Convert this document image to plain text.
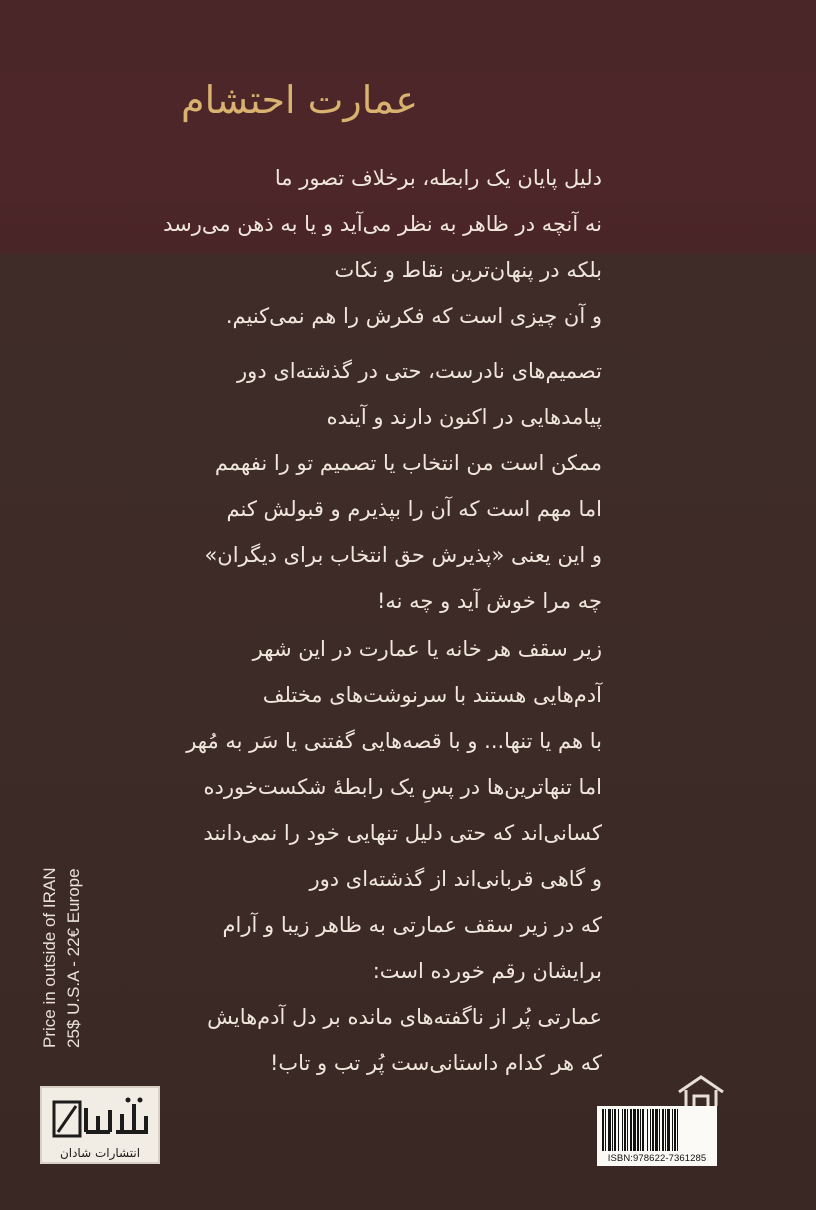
عمارت احتشام
دلیل پایان یک رابطه، برخلاف تصور ما
نه آنچه در ظاهر به نظر می‌آید و یا به ذهن می‌رسد
بلکه در پنهان‌ترین نقاط و نکات
و آن چیزی است که فکرش را هم نمی‌کنیم.
تصمیم‌های نادرست، حتی در گذشته‌ای دور
پیامدهایی در اکنون دارند و آینده
ممکن است من انتخاب یا تصمیم تو را نفهمم
اما مهم است که آن را بپذیرم و قبولش کنم
و این یعنی «پذیرش حق انتخاب برای دیگران»
چه مرا خوش آید و چه نه!
زیر سقف هر خانه یا عمارت در این شهر
آدم‌هایی هستند با سرنوشت‌های مختلف
با هم یا تنها... و با قصه‌هایی گفتنی یا سَر به مُهر
اما تنهاترین‌ها در پسِ یک رابطهٔ شکست‌خورده
کسانی‌اند که حتی دلیل تنهایی خود را نمی‌دانند
و گاهی قربانی‌اند از گذشته‌ای دور
که در زیر سقف عمارتی به ظاهر زیبا و آرام
برایشان رقم خورده است:
عمارتی پُر از ناگفته‌های مانده بر دل آدم‌هایش
که هر کدام داستانی‌ست پُر تب و تاب!
Price in outside of IRAN 25$ U.S.A - 22€ Europe
انتشارات شادان	ISBN:978622-7361285
